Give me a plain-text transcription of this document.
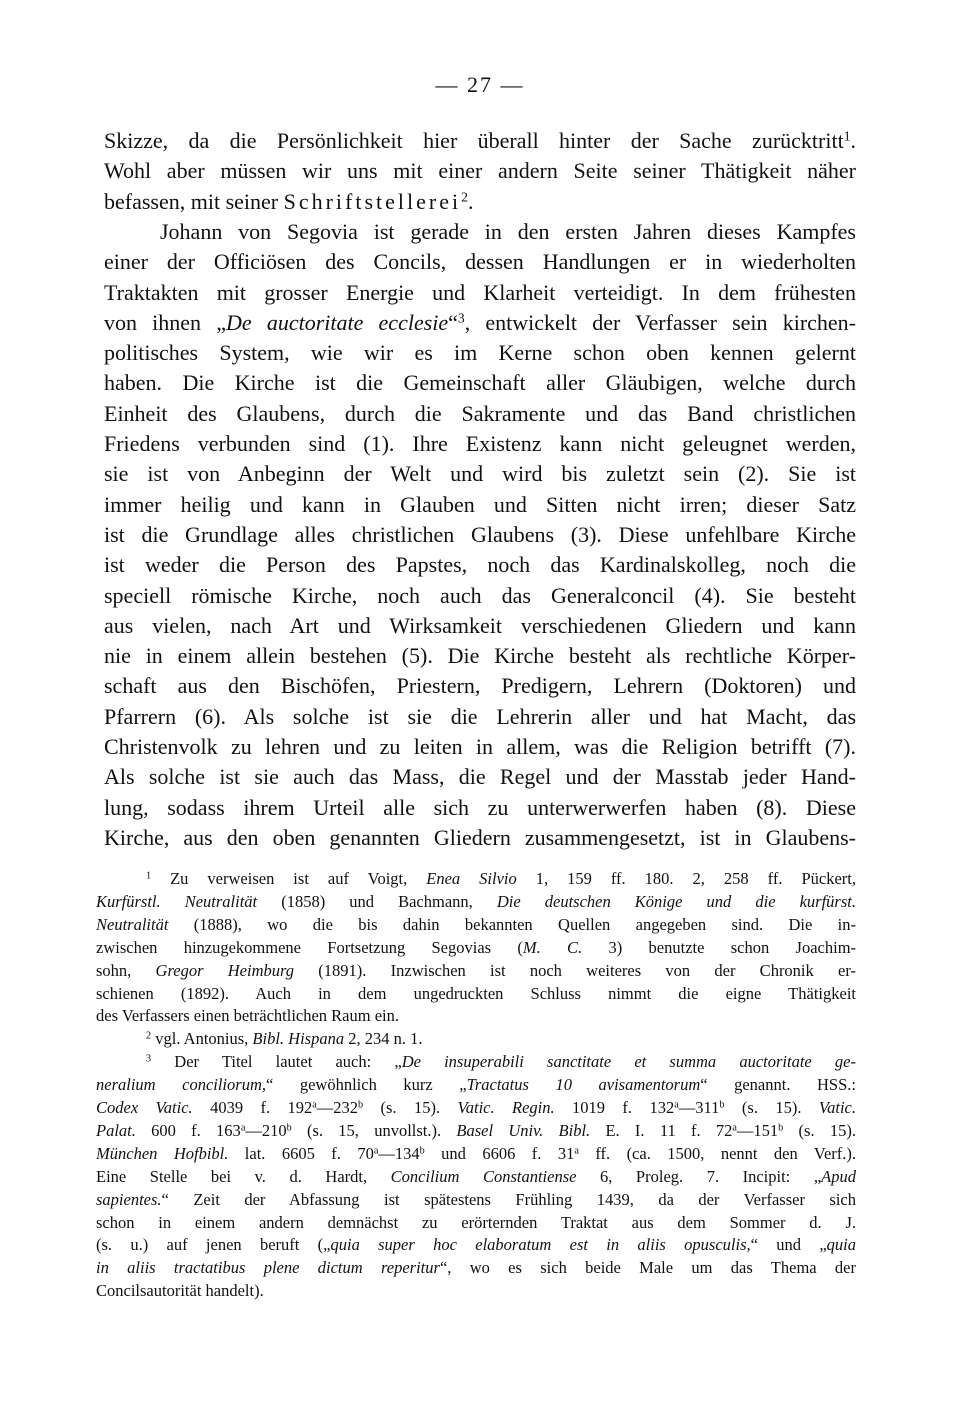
— 27 —
Skizze, da die Persönlichkeit hier überall hinter der Sache zurücktritt$^1$.
Wohl aber müssen wir uns mit einer andern Seite seiner Thätigkeit näher
befassen, mit seiner Schriftstellerei$^2$.
Johann von Segovia ist gerade in den ersten Jahren dieses Kampfes
einer der Officiösen des Concils, dessen Handlungen er in wiederholten
Traktakten mit grosser Energie und Klarheit verteidigt. In dem frühesten
von ihnen „De auctoritate ecclesie“$^3$, entwickelt der Verfasser sein kirchen-
politisches System, wie wir es im Kerne schon oben kennen gelernt
haben. Die Kirche ist die Gemeinschaft aller Gläubigen, welche durch
Einheit des Glaubens, durch die Sakramente und das Band christlichen
Friedens verbunden sind (1). Ihre Existenz kann nicht geleugnet werden,
sie ist von Anbeginn der Welt und wird bis zuletzt sein (2). Sie ist
immer heilig und kann in Glauben und Sitten nicht irren; dieser Satz
ist die Grundlage alles christlichen Glaubens (3). Diese unfehlbare Kirche
ist weder die Person des Papstes, noch das Kardinalskolleg, noch die
speciell römische Kirche, noch auch das Generalconcil (4). Sie besteht
aus vielen, nach Art und Wirksamkeit verschiedenen Gliedern und kann
nie in einem allein bestehen (5). Die Kirche besteht als rechtliche Körper-
schaft aus den Bischöfen, Priestern, Predigern, Lehrern (Doktoren) und
Pfarrern (6). Als solche ist sie die Lehrerin aller und hat Macht, das
Christenvolk zu lehren und zu leiten in allem, was die Religion betrifft (7).
Als solche ist sie auch das Mass, die Regel und der Masstab jeder Hand-
lung, sodass ihrem Urteil alle sich zu unterwerwerfen haben (8). Diese
Kirche, aus den oben genannten Gliedern zusammengesetzt, ist in Glaubens-
$^1$ Zu verweisen ist auf Voigt, Enea Silvio 1, 159 ff. 180. 2, 258 ff. Pückert,
Kurfürstl. Neutralität (1858) und Bachmann, Die deutschen Könige und die kurfürst.
Neutralität (1888), wo die bis dahin bekannten Quellen angegeben sind. Die in-
zwischen hinzugekommene Fortsetzung Segovias (M. C. 3) benutzte schon Joachim-
sohn, Gregor Heimburg (1891). Inzwischen ist noch weiteres von der Chronik er-
schienen (1892). Auch in dem ungedruckten Schluss nimmt die eigne Thätigkeit
des Verfassers einen beträchtlichen Raum ein.
$^2$ vgl. Antonius, Bibl. Hispana 2, 234 n. 1.
$^3$ Der Titel lautet auch: „De insuperabili sanctitate et summa auctoritate ge-
neralium conciliorum,“ gewöhnlich kurz „Tractatus 10 avisamentorum“ genannt. HSS.:
Codex Vatic. 4039 f. 192$^a$—232$^b$ (s. 15). Vatic. Regin. 1019 f. 132$^a$—311$^b$ (s. 15). Vatic.
Palat. 600 f. 163$^a$—210$^b$ (s. 15, unvollst.). Basel Univ. Bibl. E. I. 11 f. 72$^a$—151$^b$ (s. 15).
München Hofbibl. lat. 6605 f. 70$^a$—134$^b$ und 6606 f. 31$^a$ ff. (ca. 1500, nennt den Verf.).
Eine Stelle bei v. d. Hardt, Concilium Constantiense 6, Proleg. 7. Incipit: „Apud
sapientes.“ Zeit der Abfassung ist spätestens Frühling 1439, da der Verfasser sich
schon in einem andern demnächst zu erörternden Traktat aus dem Sommer d. J.
(s. u.) auf jenen beruft („quia super hoc elaboratum est in aliis opusculis,“ und „quia
in aliis tractatibus plene dictum reperitur“, wo es sich beide Male um das Thema der
Concilsautorität handelt).
